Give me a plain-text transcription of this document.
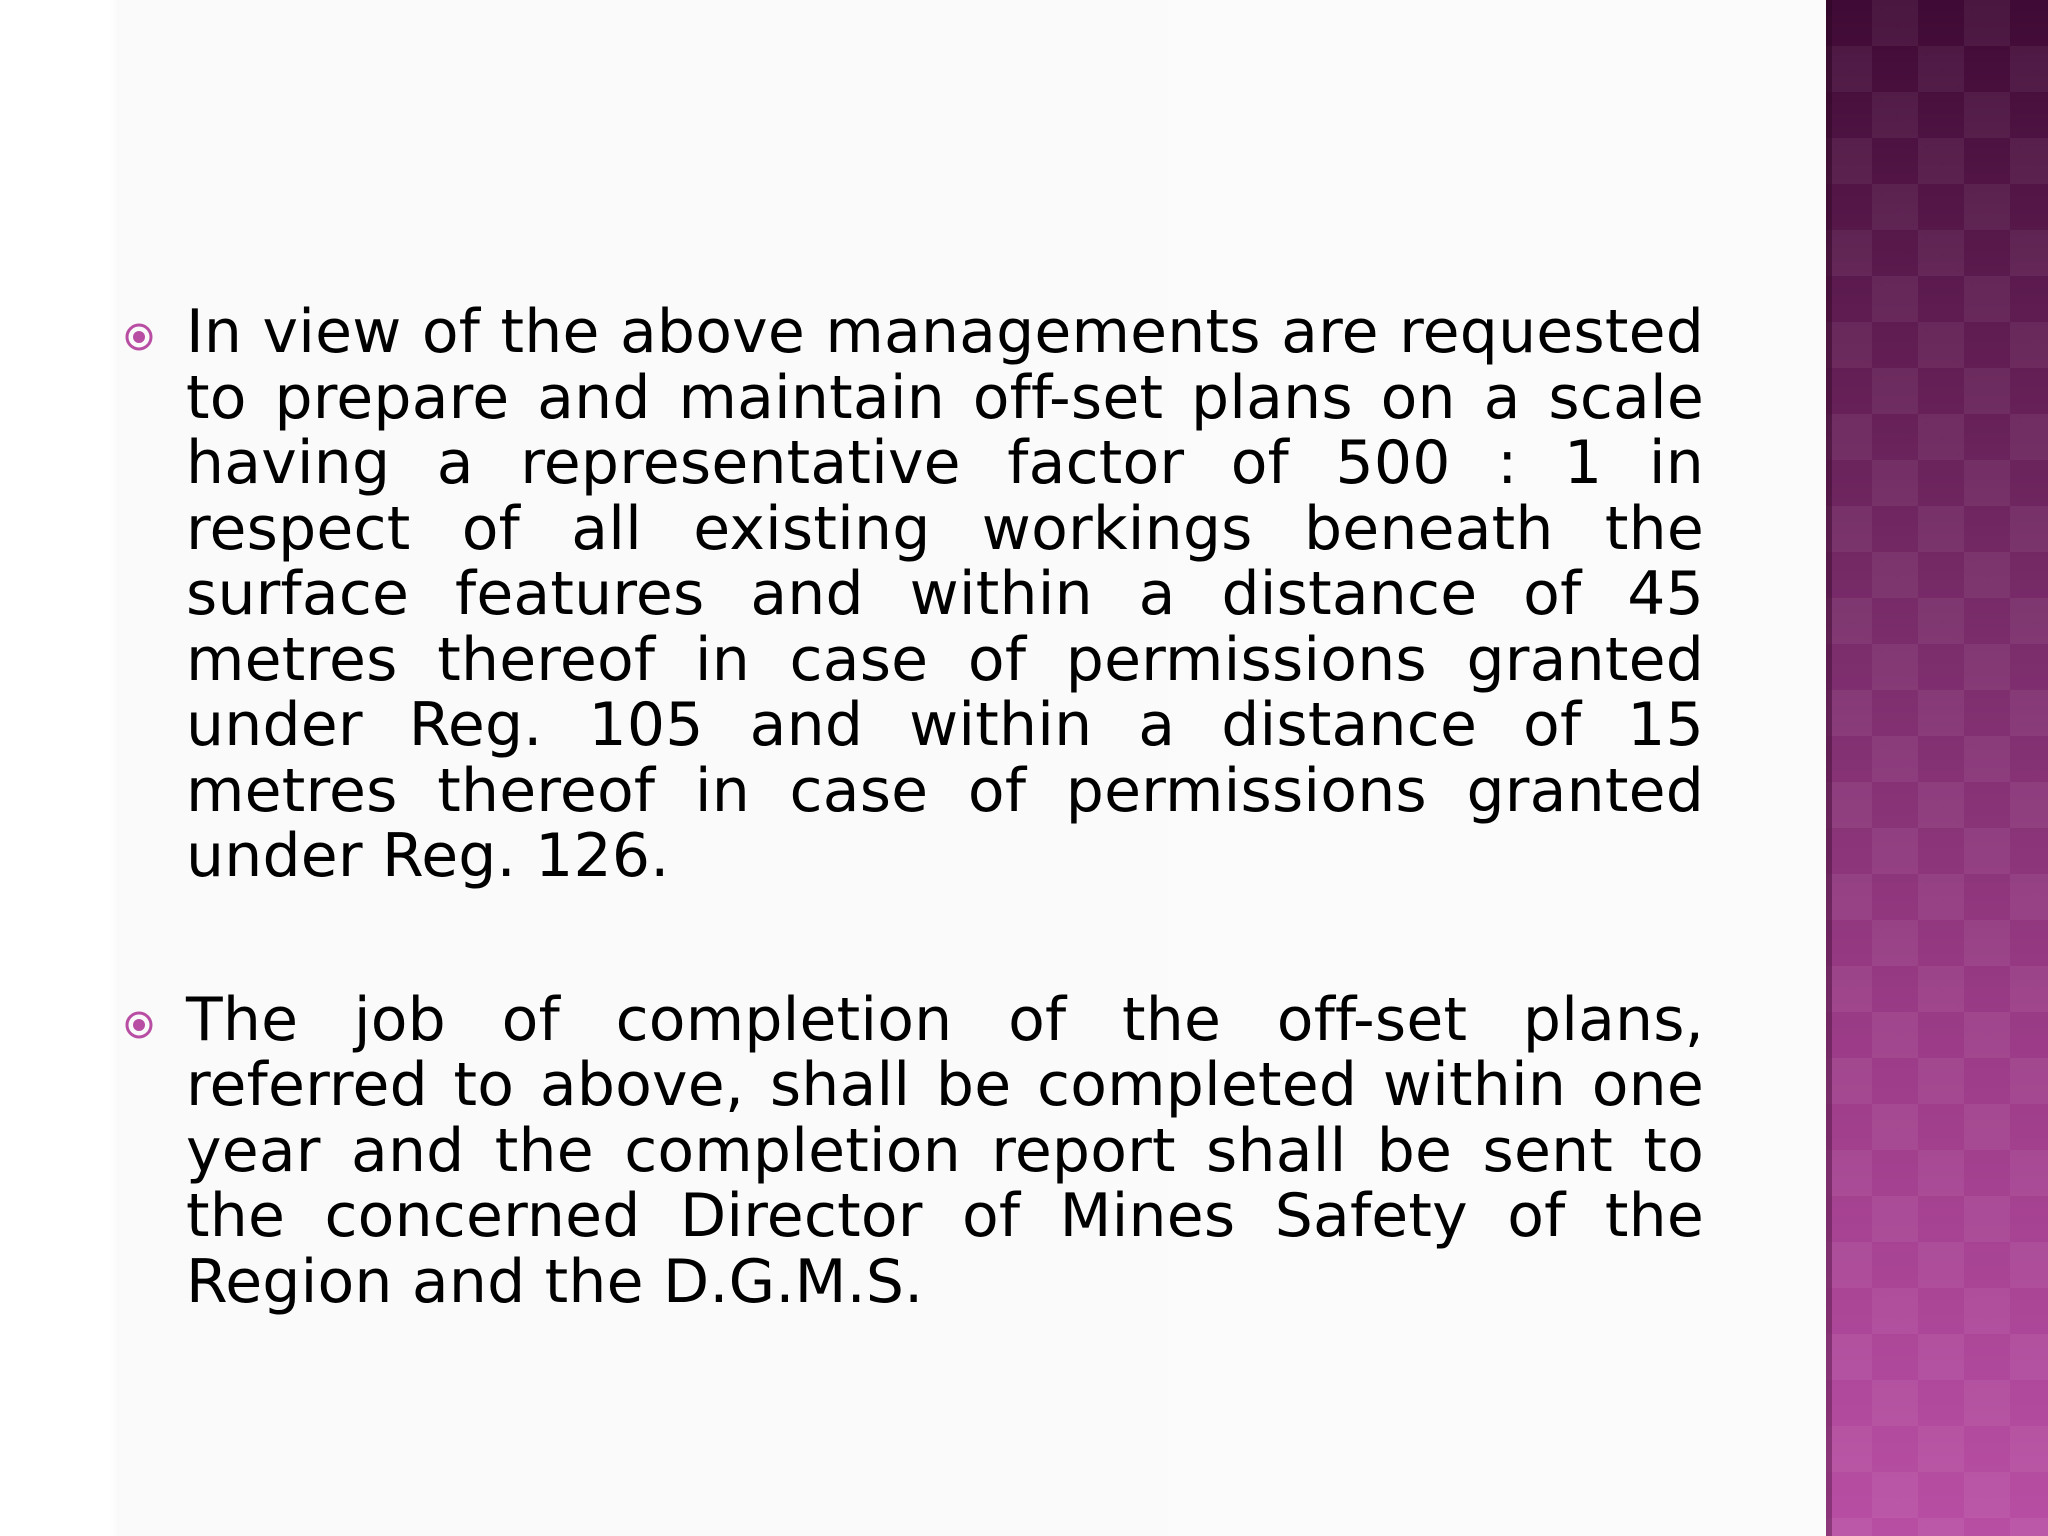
In view of the above managements are requested to prepare and maintain off-set plans on a scale having a representative factor of 500 : 1 in respect of all existing workings beneath the surface features and within a distance of 45 metres thereof in case of permissions granted under Reg. 105 and within a distance of 15 metres thereof in case of permissions granted under Reg. 126.
The job of completion of the off-set plans, referred to above, shall be completed within one year and the completion report shall be sent to the concerned Director of Mines Safety of the Region and the D.G.M.S.
